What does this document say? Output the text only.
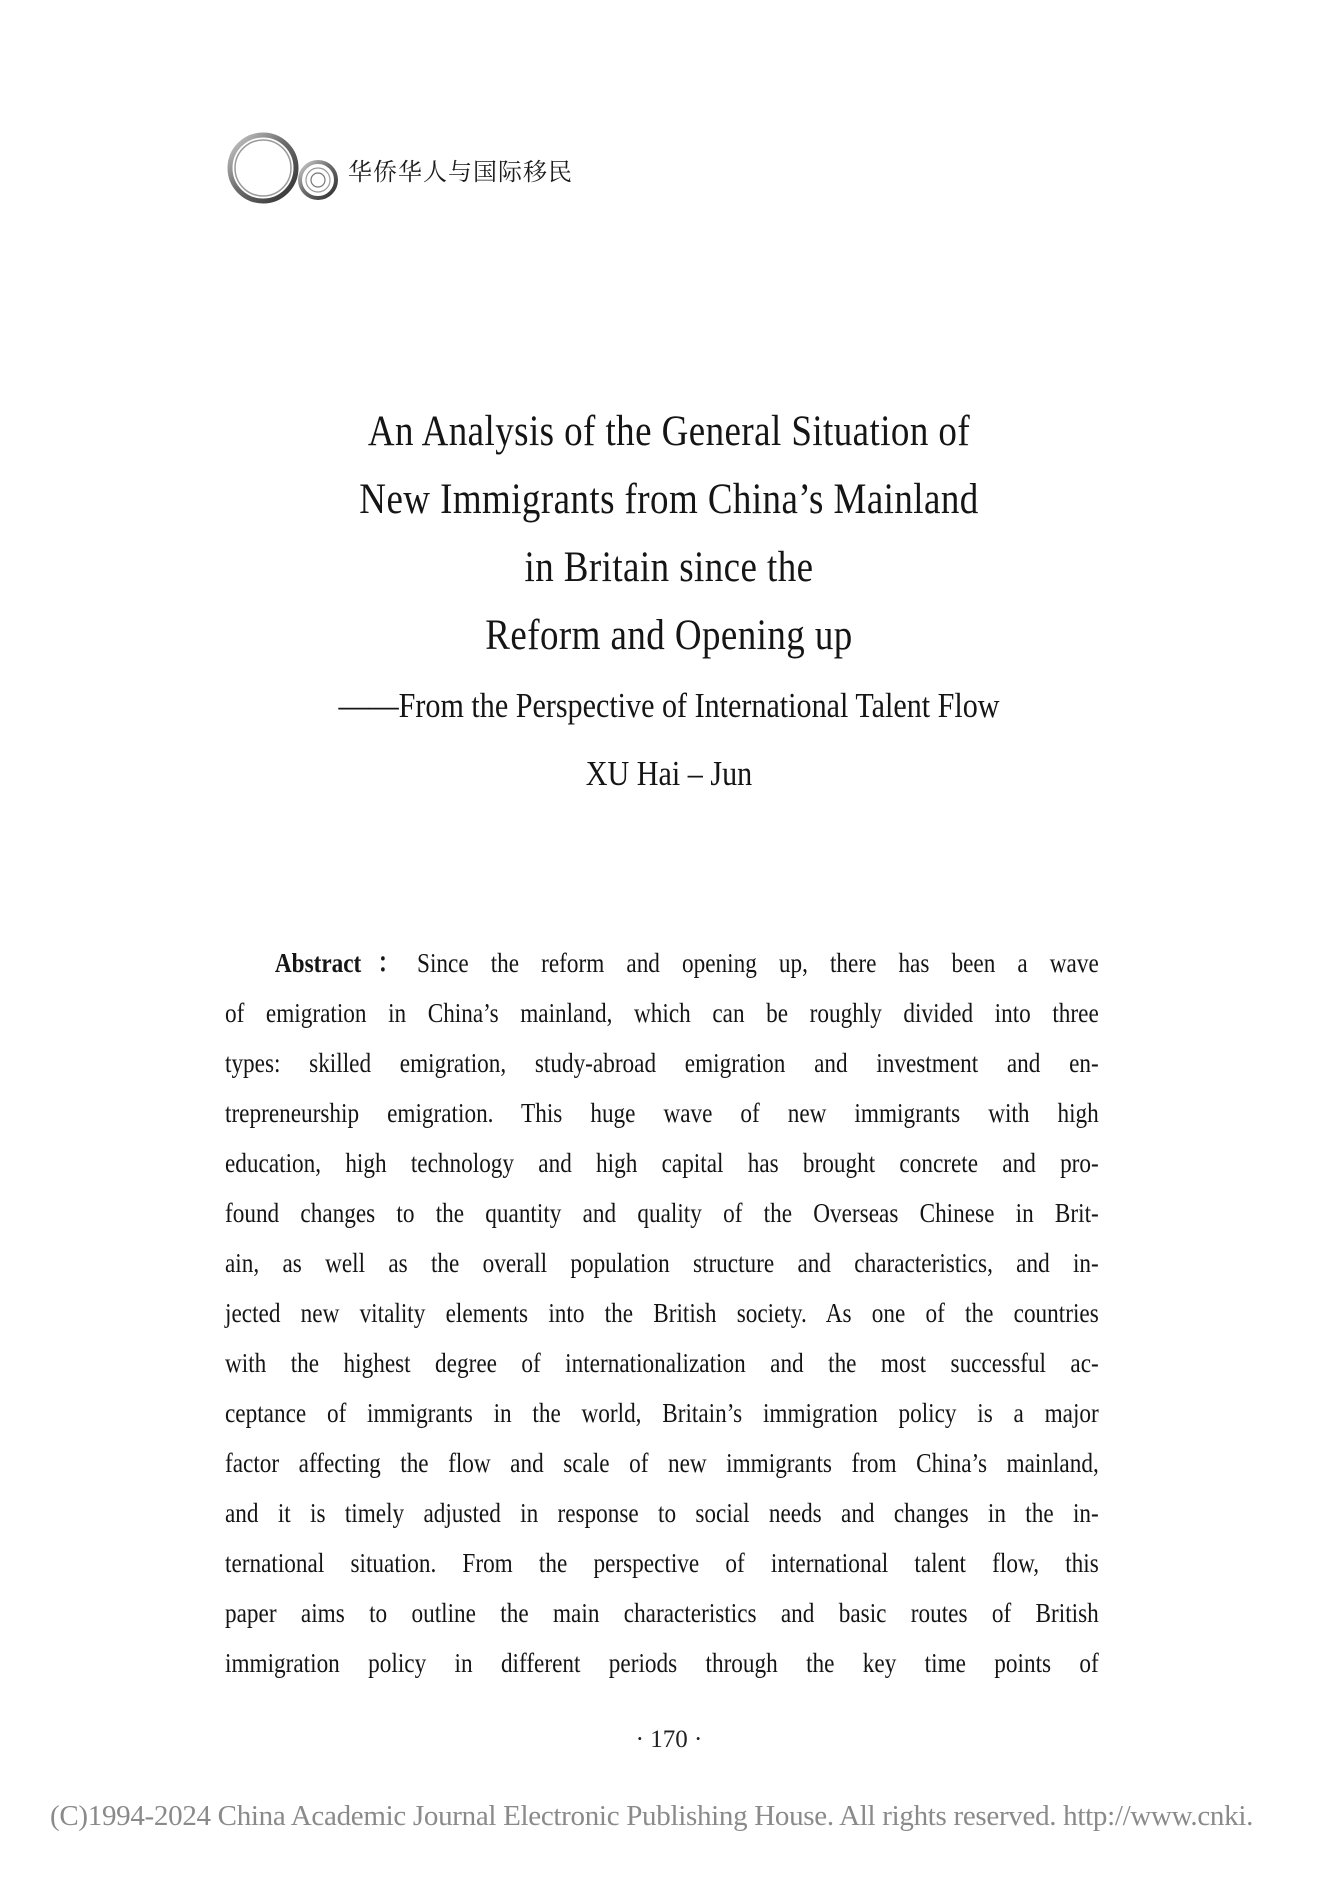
华侨华人与国际移民
An Analysis of the General Situation of
New Immigrants from China’s Mainland
in Britain since the
Reform and Opening up
——From the Perspective of International Talent Flow
XU Hai – Jun
Abstract：Since the reform and opening up, there has been a wave
of emigration in China’s mainland, which can be roughly divided into three
types: skilled emigration, study-abroad emigration and investment and en-
trepreneurship emigration. This huge wave of new immigrants with high
education, high technology and high capital has brought concrete and pro-
found changes to the quantity and quality of the Overseas Chinese in Brit-
ain, as well as the overall population structure and characteristics, and in-
jected new vitality elements into the British society. As one of the countries
with the highest degree of internationalization and the most successful ac-
ceptance of immigrants in the world, Britain’s immigration policy is a major
factor affecting the flow and scale of new immigrants from China’s mainland,
and it is timely adjusted in response to social needs and changes in the in-
ternational situation. From the perspective of international talent flow, this
paper aims to outline the main characteristics and basic routes of British
immigration policy in different periods through the key time points of
· 170 ·
(C)1994-2024 China Academic Journal Electronic Publishing House. All rights reserved. http://www.cnki.
